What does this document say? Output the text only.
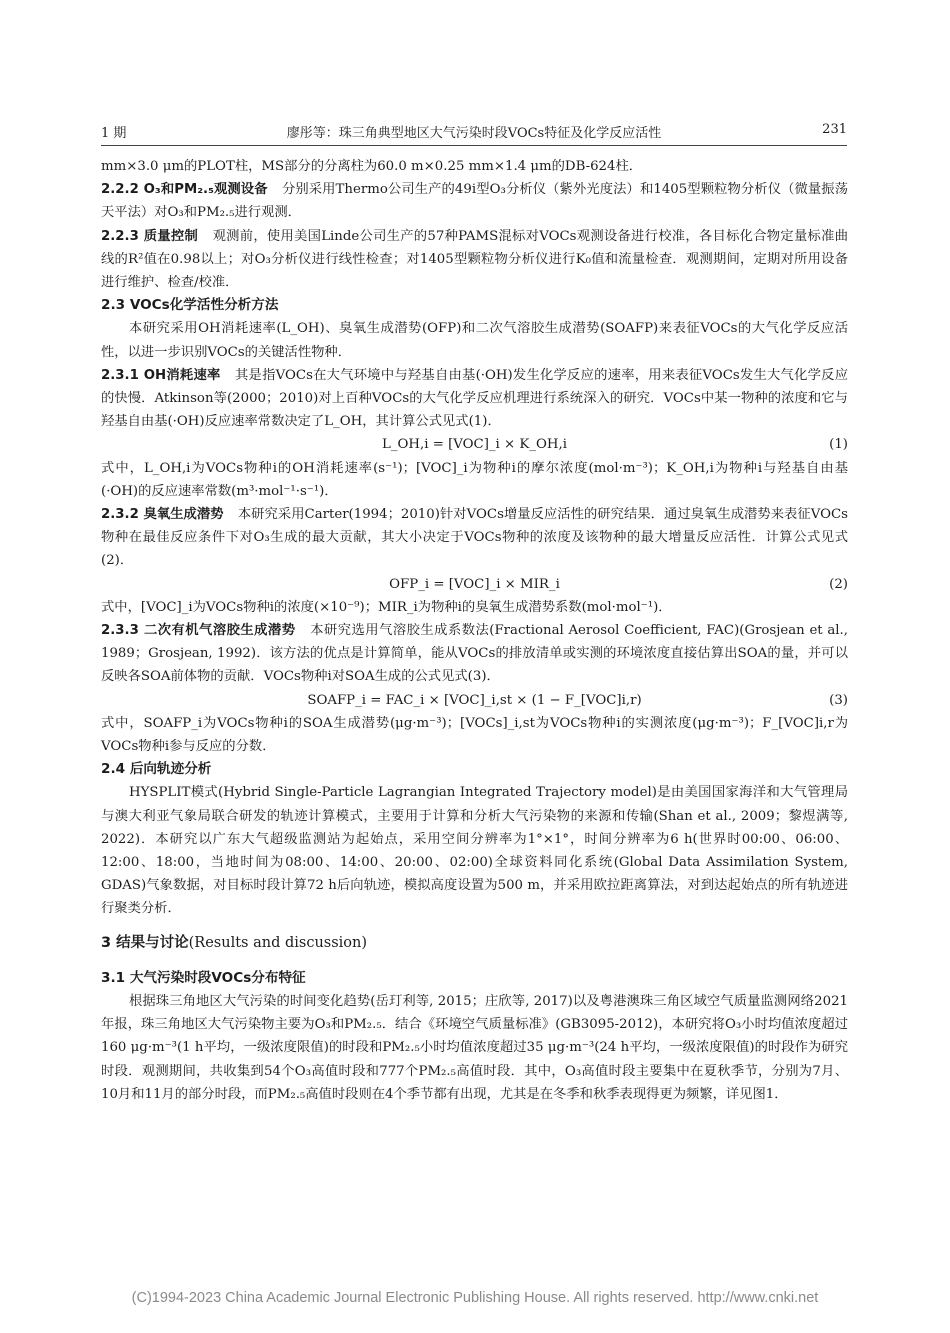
1 期	廖彤等：珠三角典型地区大气污染时段VOCs特征及化学反应活性	231

mm×3.0 μm的PLOT柱，MS部分的分离柱为60.0 m×0.25 mm×1.4 μm的DB-624柱．

2.2.2 O₃和PM₂.₅观测设备 分别采用Thermo公司生产的49i型O₃分析仪（紫外光度法）和1405型颗粒物分析仪（微量振荡天平法）对O₃和PM₂.₅进行观测．

2.2.3 质量控制 观测前，使用美国Linde公司生产的57种PAMS混标对VOCs观测设备进行校准，各目标化合物定量标准曲线的R²值在0.98以上；对O₃分析仪进行线性检查；对1405型颗粒物分析仪进行K₀值和流量检查．观测期间，定期对所用设备进行维护、检查/校准．

2.3 VOCs化学活性分析方法

本研究采用OH消耗速率(L_OH)、臭氧生成潜势(OFP)和二次气溶胶生成潜势(SOAFP)来表征VOCs的大气化学反应活性，以进一步识别VOCs的关键活性物种．

2.3.1 OH消耗速率 其是指VOCs在大气环境中与羟基自由基(·OH)发生化学反应的速率，用来表征VOCs发生大气化学反应的快慢．Atkinson等(2000；2010)对上百种VOCs的大气化学反应机理进行系统深入的研究．VOCs中某一物种的浓度和它与羟基自由基(·OH)反应速率常数决定了L_OH，其计算公式见式(1)．

L_OH,i = [VOC]_i × K_OH,i	(1)

式中，L_OH,i为VOCs物种i的OH消耗速率(s⁻¹)；[VOC]_i为物种i的摩尔浓度(mol·m⁻³)；K_OH,i为物种i与羟基自由基(·OH)的反应速率常数(m³·mol⁻¹·s⁻¹)．

2.3.2 臭氧生成潜势 本研究采用Carter(1994；2010)针对VOCs增量反应活性的研究结果．通过臭氧生成潜势来表征VOCs物种在最佳反应条件下对O₃生成的最大贡献，其大小决定于VOCs物种的浓度及该物种的最大增量反应活性．计算公式见式(2)．

OFP_i = [VOC]_i × MIR_i	(2)

式中，[VOC]_i为VOCs物种i的浓度(×10⁻⁹)；MIR_i为物种i的臭氧生成潜势系数(mol·mol⁻¹)．

2.3.3 二次有机气溶胶生成潜势 本研究选用气溶胶生成系数法(Fractional Aerosol Coefficient, FAC)(Grosjean et al., 1989；Grosjean, 1992)．该方法的优点是计算简单，能从VOCs的排放清单或实测的环境浓度直接估算出SOA的量，并可以反映各SOA前体物的贡献．VOCs物种i对SOA生成的公式见式(3)．

SOAFP_i = FAC_i × [VOC]_i,st × (1 − F_[VOC]i,r)	(3)

式中，SOAFP_i为VOCs物种i的SOA生成潜势(μg·m⁻³)；[VOCs]_i,st为VOCs物种i的实测浓度(μg·m⁻³)；F_[VOC]i,r为VOCs物种i参与反应的分数．

2.4 后向轨迹分析

HYSPLIT模式(Hybrid Single-Particle Lagrangian Integrated Trajectory model)是由美国国家海洋和大气管理局与澳大利亚气象局联合研发的轨迹计算模式，主要用于计算和分析大气污染物的来源和传输(Shan et al., 2009；黎煜满等, 2022)．本研究以广东大气超级监测站为起始点，采用空间分辨率为1°×1°，时间分辨率为6 h(世界时00:00、06:00、12:00、18:00，当地时间为08:00、14:00、20:00、02:00)全球资料同化系统(Global Data Assimilation System, GDAS)气象数据，对目标时段计算72 h后向轨迹，模拟高度设置为500 m，并采用欧拉距离算法，对到达起始点的所有轨迹进行聚类分析．

3 结果与讨论(Results and discussion)

3.1 大气污染时段VOCs分布特征

根据珠三角地区大气污染的时间变化趋势(岳玎利等, 2015；庄欣等, 2017)以及粤港澳珠三角区域空气质量监测网络2021年报，珠三角地区大气污染物主要为O₃和PM₂.₅．结合《环境空气质量标准》(GB3095-2012)，本研究将O₃小时均值浓度超过160 μg·m⁻³(1 h平均，一级浓度限值)的时段和PM₂.₅小时均值浓度超过35 μg·m⁻³(24 h平均，一级浓度限值)的时段作为研究时段．观测期间，共收集到54个O₃高值时段和777个PM₂.₅高值时段．其中，O₃高值时段主要集中在夏秋季节，分别为7月、10月和11月的部分时段，而PM₂.₅高值时段则在4个季节都有出现，尤其是在冬季和秋季表现得更为频繁，详见图1．

(C)1994-2023 China Academic Journal Electronic Publishing House. All rights reserved. http://www.cnki.net
